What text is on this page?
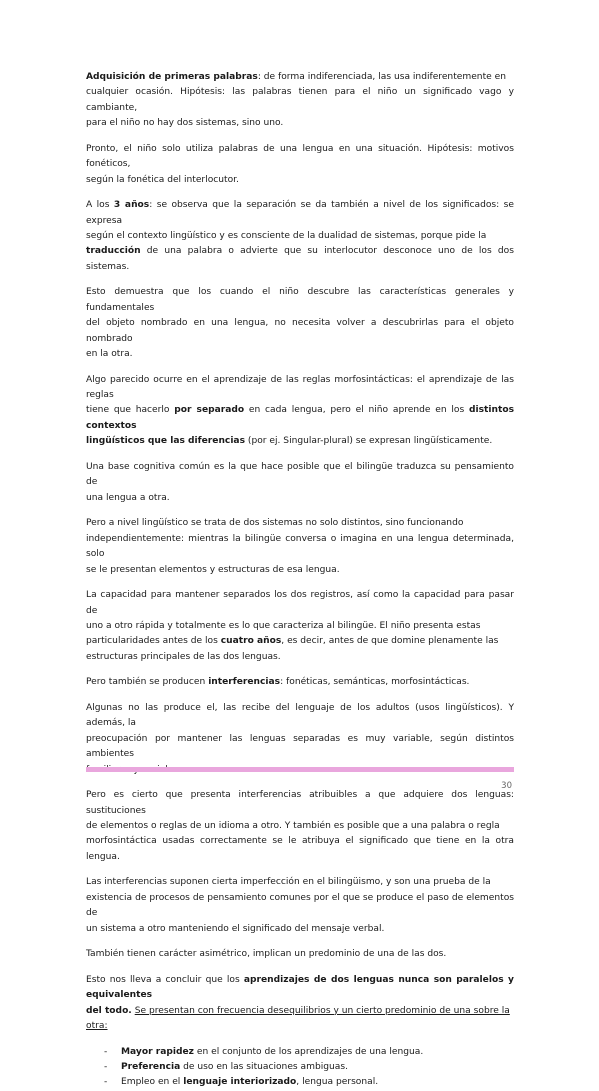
Adquisición de primeras palabras: de forma indiferenciada, las usa indiferentemente en
cualquier ocasión. Hipótesis: las palabras tienen para el niño un significado vago y cambiante,
para el niño no hay dos sistemas, sino uno.

Pronto, el niño solo utiliza palabras de una lengua en una situación. Hipótesis: motivos fonéticos,
según la fonética del interlocutor.

A los 3 años: se observa que la separación se da también a nivel de los significados: se expresa
según el contexto lingüístico y es consciente de la dualidad de sistemas, porque pide la
traducción de una palabra o advierte que su interlocutor desconoce uno de los dos sistemas.

Esto demuestra que los cuando el niño descubre las características generales y fundamentales
del objeto nombrado en una lengua, no necesita volver a descubrirlas para el objeto nombrado
en la otra.

Algo parecido ocurre en el aprendizaje de las reglas morfosintácticas: el aprendizaje de las reglas
tiene que hacerlo por separado en cada lengua, pero el niño aprende en los distintos contextos
lingüísticos que las diferencias (por ej. Singular-plural) se expresan lingüísticamente.

Una base cognitiva común es la que hace posible que el bilingüe traduzca su pensamiento de
una lengua a otra.

Pero a nivel lingüístico se trata de dos sistemas no solo distintos, sino funcionando
independientemente: mientras la bilingüe conversa o imagina en una lengua determinada, solo
se le presentan elementos y estructuras de esa lengua.

La capacidad para mantener separados los dos registros, así como la capacidad para pasar de
uno a otro rápida y totalmente es lo que caracteriza al bilingüe. El niño presenta estas
particularidades antes de los cuatro años, es decir, antes de que domine plenamente las
estructuras principales de las dos lenguas.

Pero también se producen interferencias: fonéticas, semánticas, morfosintácticas.

Algunas no las produce el, las recibe del lenguaje de los adultos (usos lingüísticos). Y además, la
preocupación por mantener las lenguas separadas es muy variable, según distintos ambientes

Pero es cierto que presenta interferencias atribuibles a que adquiere dos lenguas: sustituciones
de elementos o reglas de un idioma a otro. Y también es posible que a una palabra o regla
morfosintáctica usadas correctamente se le atribuya el significado que tiene en la otra lengua.

Las interferencias suponen cierta imperfección en el bilingüismo, y son una prueba de la
existencia de procesos de pensamiento comunes por el que se produce el paso de elementos de
un sistema a otro manteniendo el significado del mensaje verbal.

También tienen carácter asimétrico, implican un predominio de una de las dos.

Esto nos lleva a concluir que los aprendizajes de dos lenguas nunca son paralelos y equivalentes
del todo. Se presentan con frecuencia desequilibrios y un cierto predominio de una sobre la
otra:

- Mayor rapidez en el conjunto de los aprendizajes de una lengua.
- Preferencia de uso en las situaciones ambiguas.
- Empleo en el lenguaje interiorizado, lengua personal.
30
